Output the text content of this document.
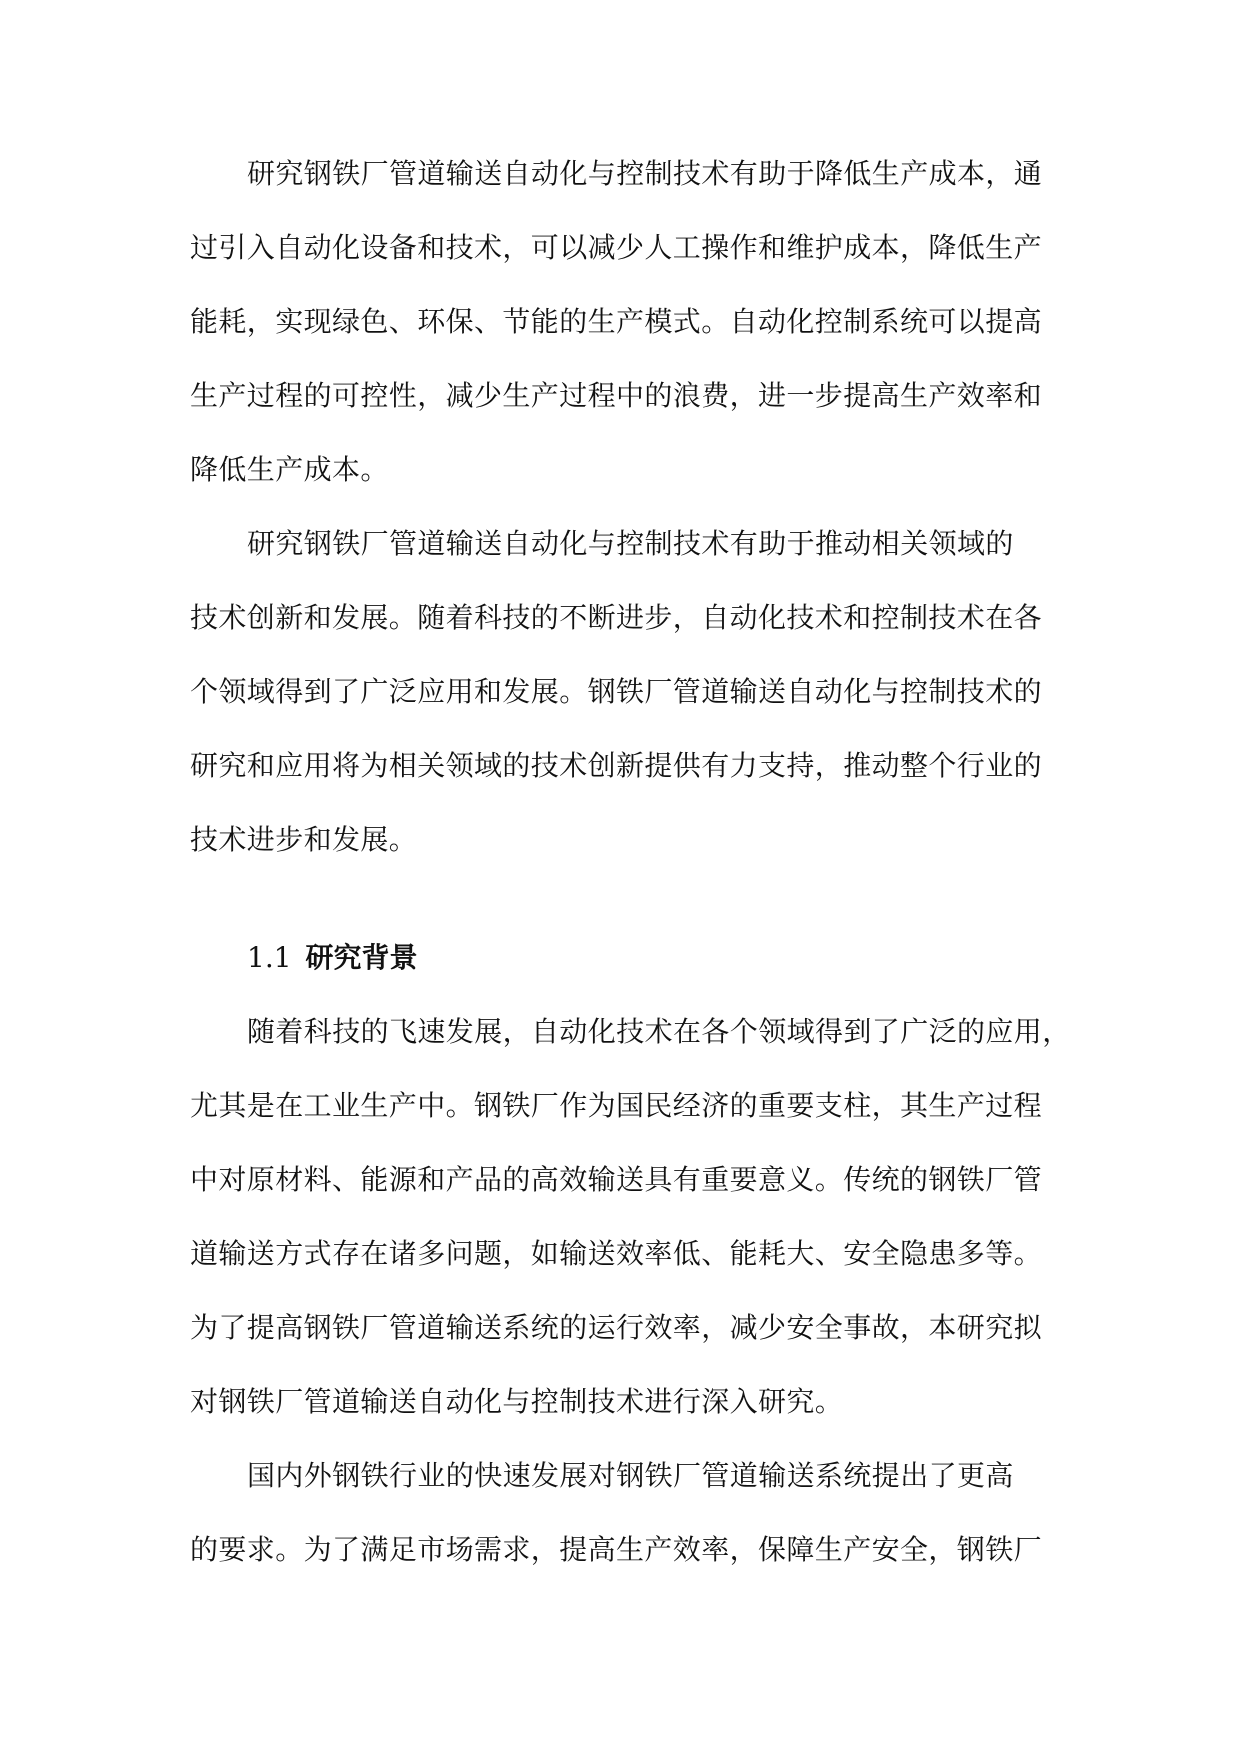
研究钢铁厂管道输送自动化与控制技术有助于降低生产成本，通

过引入自动化设备和技术，可以减少人工操作和维护成本，降低生产

能耗，实现绿色、环保、节能的生产模式。自动化控制系统可以提高

生产过程的可控性，减少生产过程中的浪费，进一步提高生产效率和

降低生产成本。

研究钢铁厂管道输送自动化与控制技术有助于推动相关领域的

技术创新和发展。随着科技的不断进步，自动化技术和控制技术在各

个领域得到了广泛应用和发展。钢铁厂管道输送自动化与控制技术的

研究和应用将为相关领域的技术创新提供有力支持，推动整个行业的

技术进步和发展。

1.1 研究背景

随着科技的飞速发展，自动化技术在各个领域得到了广泛的应用，

尤其是在工业生产中。钢铁厂作为国民经济的重要支柱，其生产过程

中对原材料、能源和产品的高效输送具有重要意义。传统的钢铁厂管

道输送方式存在诸多问题，如输送效率低、能耗大、安全隐患多等。

为了提高钢铁厂管道输送系统的运行效率，减少安全事故，本研究拟

对钢铁厂管道输送自动化与控制技术进行深入研究。

国内外钢铁行业的快速发展对钢铁厂管道输送系统提出了更高

的要求。为了满足市场需求，提高生产效率，保障生产安全，钢铁厂
